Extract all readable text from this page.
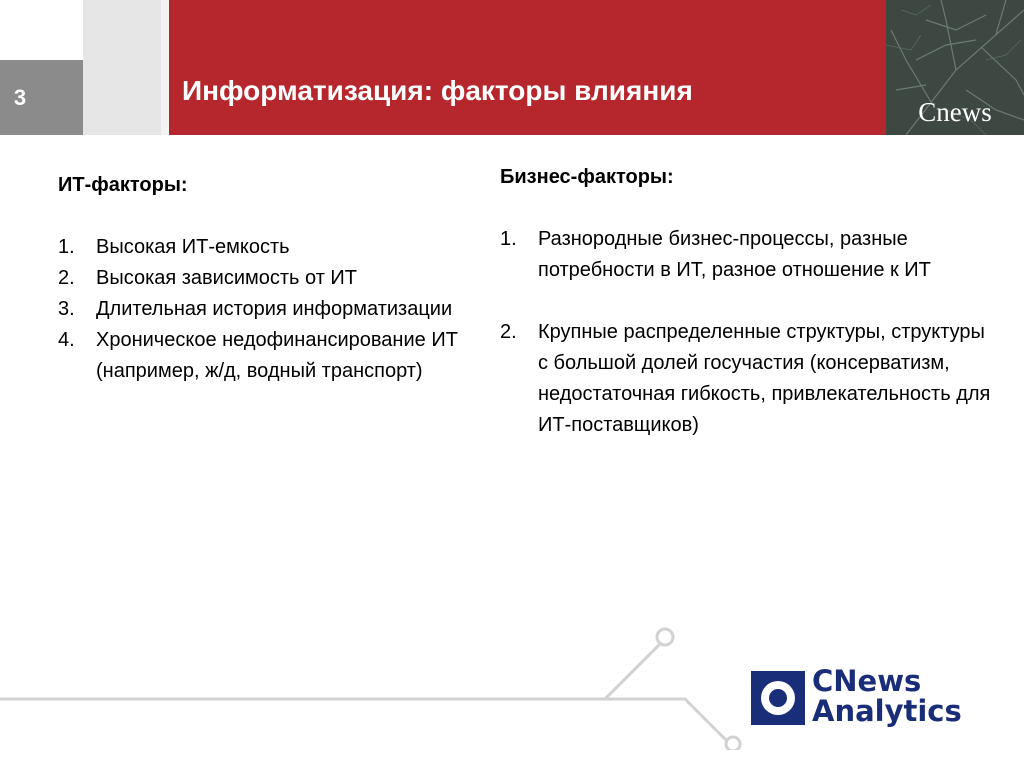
3	Информатизация: факторы влияния
Cnews
ИТ-факторы:
1. Высокая ИТ-емкость
2. Высокая зависимость от ИТ
3. Длительная история информатизации
4. Хроническое недофинансирование ИТ (например, ж/д, водный транспорт)
Бизнес-факторы:
1. Разнородные бизнес-процессы, разные потребности в ИТ, разное отношение к ИТ
2. Крупные распределенные структуры, структуры с большой долей госучастия (консерватизм, недостаточная гибкость, привлекательность для ИТ-поставщиков)
CNews
Analytics
